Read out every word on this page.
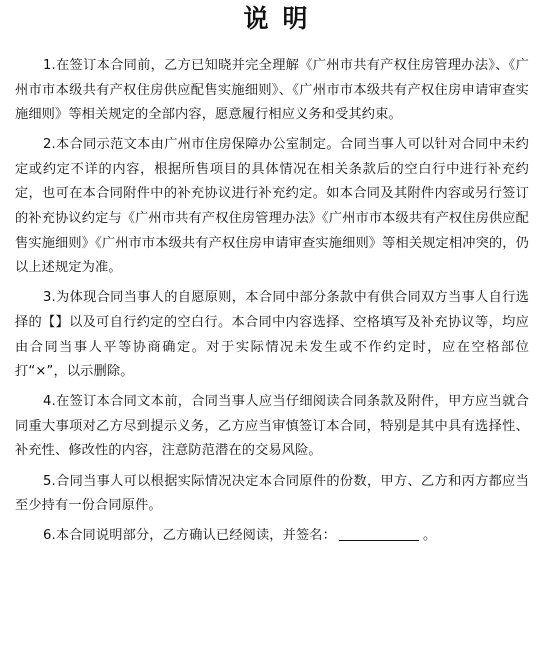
说明

1.在签订本合同前，乙方已知晓并完全理解《广州市共有产权住房管理办法》、《广州市市本级共有产权住房供应配售实施细则》、《广州市市本级共有产权住房申请审查实施细则》等相关规定的全部内容，愿意履行相应义务和受其约束。

2.本合同示范文本由广州市住房保障办公室制定。合同当事人可以针对合同中未约定或约定不详的内容，根据所售项目的具体情况在相关条款后的空白行中进行补充约定，也可在本合同附件中的补充协议进行补充约定。如本合同及其附件内容或另行签订的补充协议约定与《广州市共有产权住房管理办法》《广州市市本级共有产权住房供应配售实施细则》《广州市市本级共有产权住房申请审查实施细则》等相关规定相冲突的，仍以上述规定为准。

3.为体现合同当事人的自愿原则，本合同中部分条款中有供合同双方当事人自行选择的【】以及可自行约定的空白行。本合同中内容选择、空格填写及补充协议等，均应由合同当事人平等协商确定。对于实际情况未发生或不作约定时，应在空格部位打“×”，以示删除。

4.在签订本合同文本前，合同当事人应当仔细阅读合同条款及附件，甲方应当就合同重大事项对乙方尽到提示义务，乙方应当审慎签订本合同，特别是其中具有选择性、补充性、修改性的内容，注意防范潜在的交易风险。

5.合同当事人可以根据实际情况决定本合同原件的份数，甲方、乙方和丙方都应当至少持有一份合同原件。

6.本合同说明部分，乙方确认已经阅读，并签名：	。
